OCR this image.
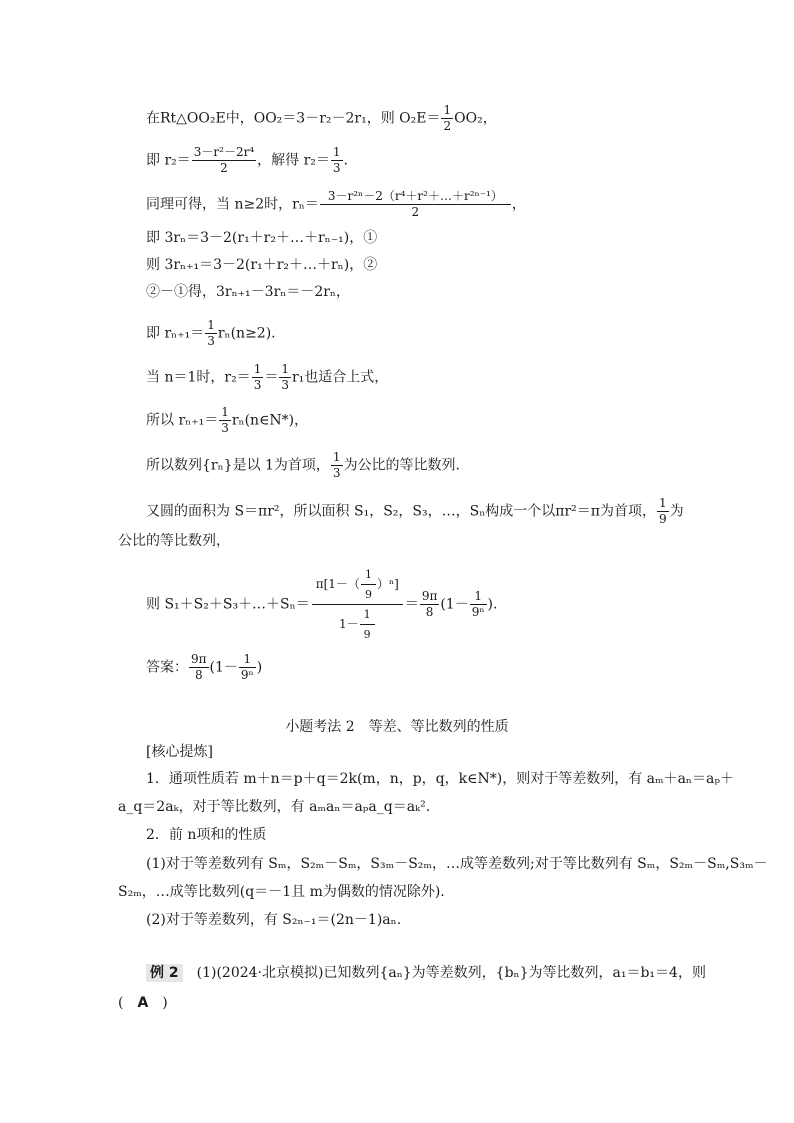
在Rt△OO₂E中，OO₂＝3－r₂－2r₁，则 $O_2E= \frac{1}{2} OO_2$，
即 $r_2= \frac{\text{3－r²－2r⁴}}{2}$ ，解得 $r_2= \frac{1}{3}$ .
同理可得，当 n≥2时，$r_n= \frac{\text{3－r²ⁿ－2（r⁴＋r²＋…＋r²ⁿ⁻¹）}}{2}$ ，
即 3rₙ＝3－2(r₁＋r₂＋…＋rₙ₋₁)，①
则 3rₙ₊₁＝3－2(r₁＋r₂＋…＋rₙ)，②
②－①得，3rₙ₊₁－3rₙ＝－2rₙ，
即 $r_{n+1}= \frac{1}{3} r_n(n\ge 2)$.
当 n＝1时，$r_2= \frac{1}{3} = \frac{1}{3} r_1$也适合上式，
所以 $r_{n+1}= \frac{1}{3}$ rₙ(n∈N*)，
所以数列{rₙ}是以 1为首项， $\frac{1}{3}$ 为公比的等比数列.
又圆的面积为 S＝πr²，所以面积 S₁，S₂，S₃，…，Sₙ构成一个以πr²＝π为首项， $\frac{1}{9}$ 为
公比的等比数列，
则 S₁＋S₂＋S₃＋…＋Sₙ＝ $\frac{\pi[1-( \frac{1}{9} )^n]}{1- \frac{1}{9}} = \frac{9\pi}{8} (1- \frac{1}{\text{9ⁿ}}$ ).
答案： $\frac{9\pi}{8} (1- \frac{1}{\text{9ⁿ}}$ )
小题考法 2　等差、等比数列的性质
[核心提炼]
1．通项性质若 m＋n＝p＋q＝2k(m，n，p，q，k∈N*)，则对于等差数列，有 aₘ＋aₙ＝aₚ＋
a_q＝2aₖ，对于等比数列，有 aₘaₙ＝aₚa_q＝aₖ².
2．前 n项和的性质
(1)对于等差数列有 Sₘ，S₂ₘ－Sₘ，S₃ₘ－S₂ₘ，…成等差数列;对于等比数列有 Sₘ，S₂ₘ－Sₘ,S₃ₘ－
S₂ₘ，…成等比数列(q＝－1且 m为偶数的情况除外).
(2)对于等差数列，有 S₂ₙ₋₁＝(2n－1)aₙ.
例 2　(1)(2024·北京模拟)已知数列{aₙ}为等差数列，{bₙ}为等比数列，a₁＝b₁＝4，则
(　A　)
